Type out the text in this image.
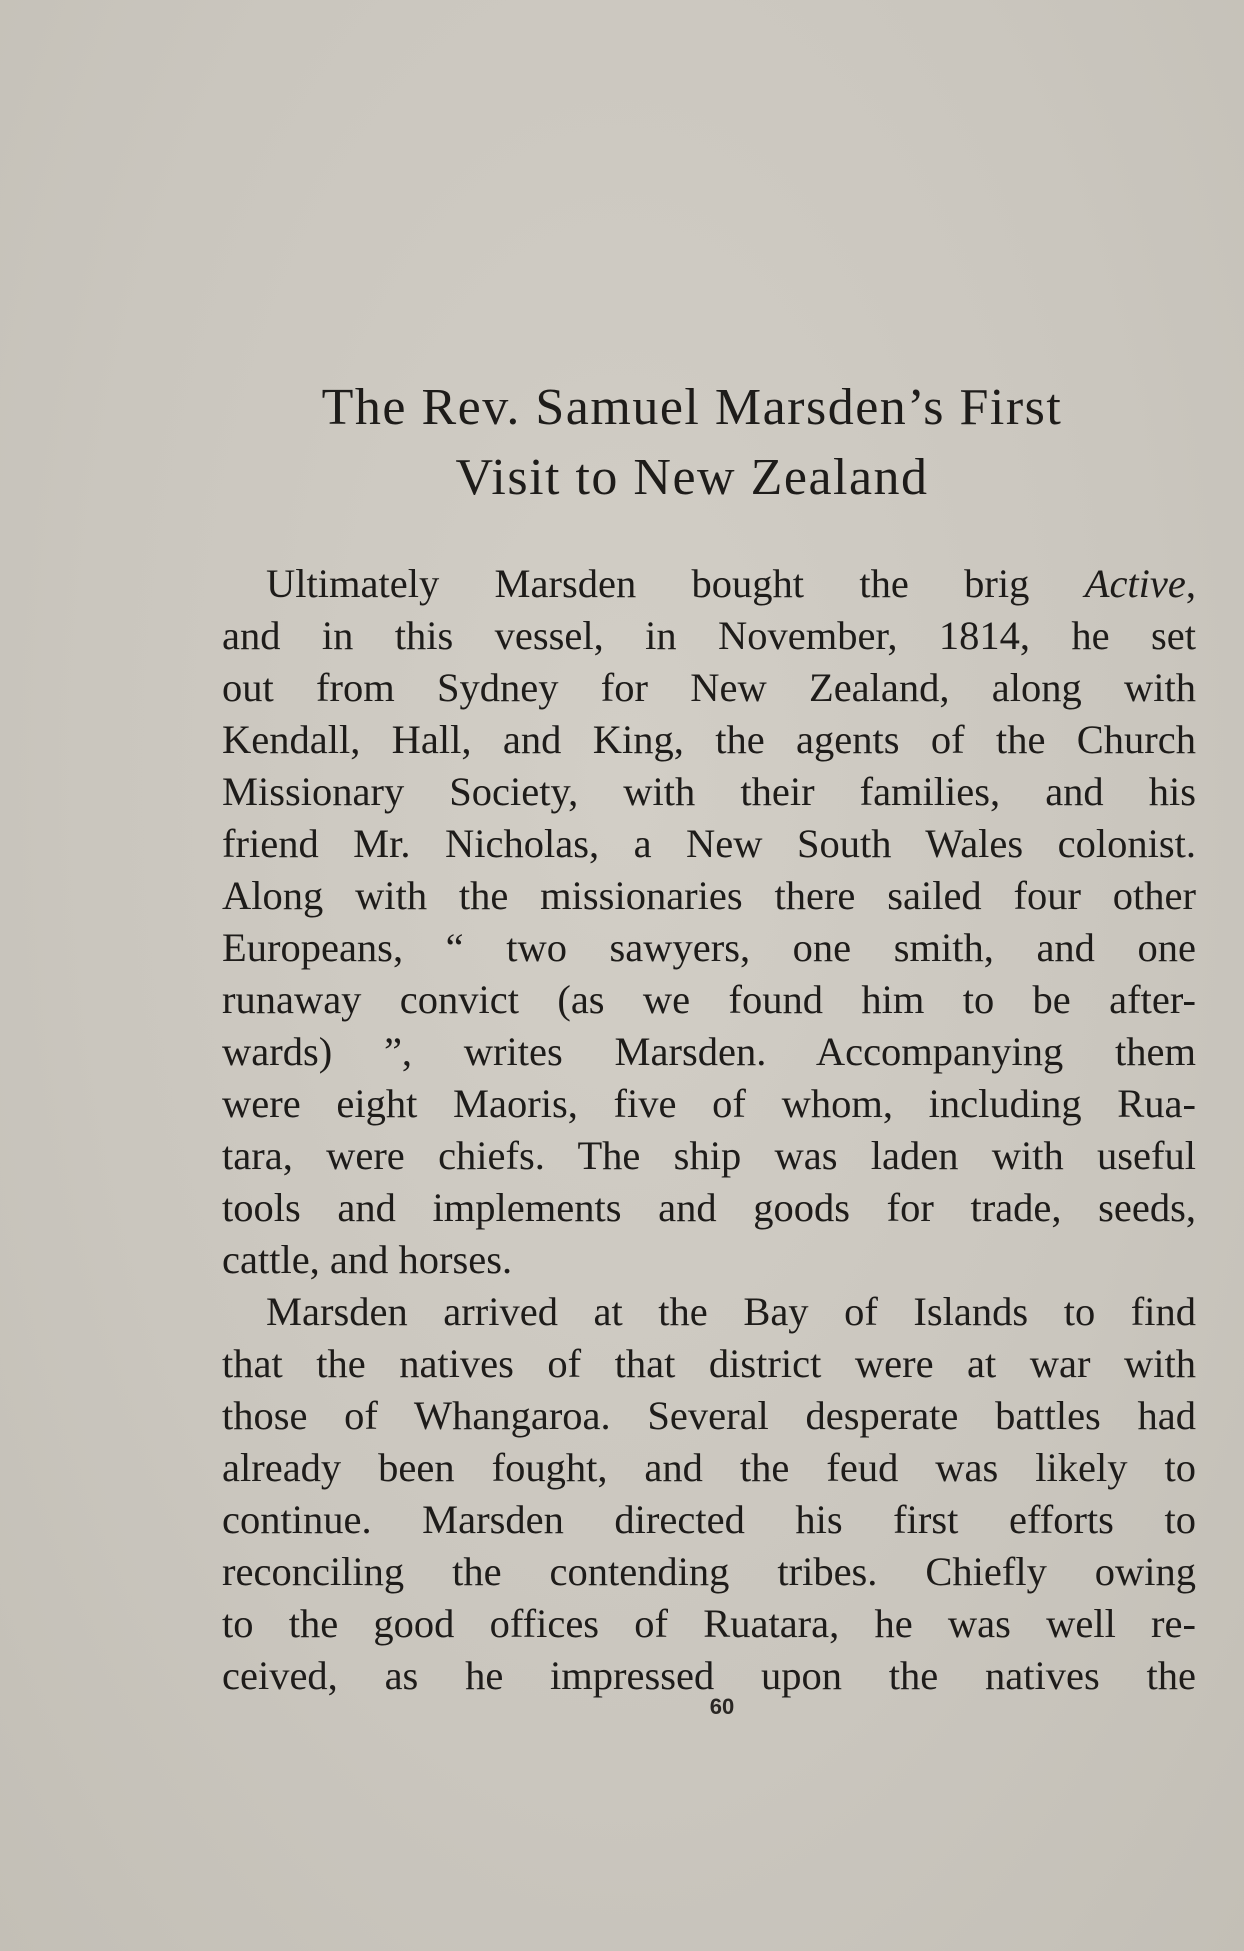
The Rev. Samuel Marsden’s First
Visit to New Zealand
Ultimately Marsden bought the brig Active,
and in this vessel, in November, 1814, he set
out from Sydney for New Zealand, along with
Kendall, Hall, and King, the agents of the Church
Missionary Society, with their families, and his
friend Mr. Nicholas, a New South Wales colonist.
Along with the missionaries there sailed four other
Europeans, “ two sawyers, one smith, and one
runaway convict (as we found him to be after-
wards) ”, writes Marsden. Accompanying them
were eight Maoris, five of whom, including Rua-
tara, were chiefs. The ship was laden with useful
tools and implements and goods for trade, seeds,
cattle, and horses.
Marsden arrived at the Bay of Islands to find
that the natives of that district were at war with
those of Whangaroa. Several desperate battles had
already been fought, and the feud was likely to
continue. Marsden directed his first efforts to
reconciling the contending tribes. Chiefly owing
to the good offices of Ruatara, he was well re-
ceived, as he impressed upon the natives the
60
